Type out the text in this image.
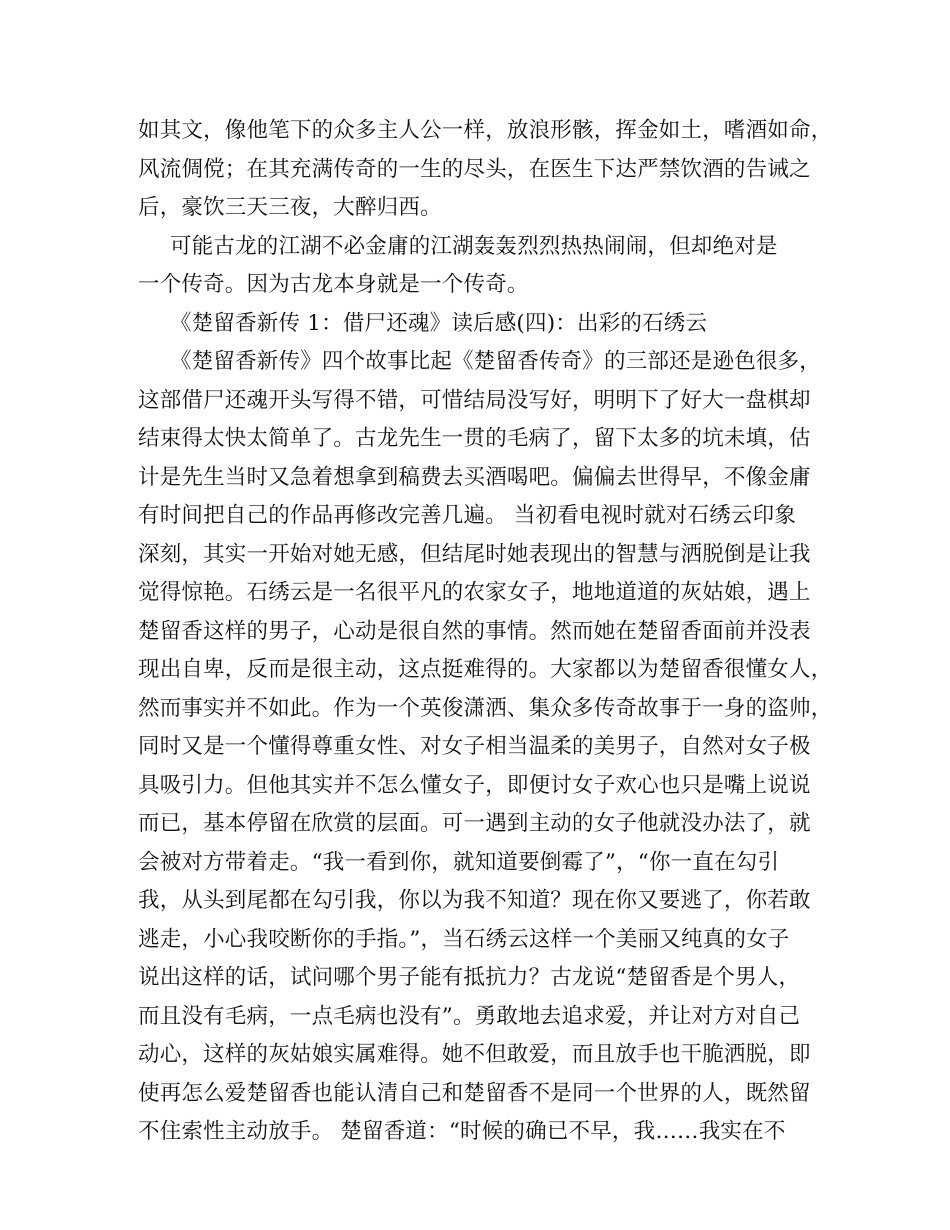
如其文，像他笔下的众多主人公一样，放浪形骸，挥金如土，嗜酒如命，
风流倜傥；在其充满传奇的一生的尽头，在医生下达严禁饮酒的告诫之
后，豪饮三天三夜，大醉归西。
可能古龙的江湖不必金庸的江湖轰轰烈烈热热闹闹，但却绝对是
一个传奇。因为古龙本身就是一个传奇。
《楚留香新传 1：借尸还魂》读后感(四)：出彩的石绣云
《楚留香新传》四个故事比起《楚留香传奇》的三部还是逊色很多，
这部借尸还魂开头写得不错，可惜结局没写好，明明下了好大一盘棋却
结束得太快太简单了。古龙先生一贯的毛病了，留下太多的坑未填，估
计是先生当时又急着想拿到稿费去买酒喝吧。偏偏去世得早，不像金庸
有时间把自己的作品再修改完善几遍。 当初看电视时就对石绣云印象
深刻，其实一开始对她无感，但结尾时她表现出的智慧与洒脱倒是让我
觉得惊艳。石绣云是一名很平凡的农家女子，地地道道的灰姑娘，遇上
楚留香这样的男子，心动是很自然的事情。然而她在楚留香面前并没表
现出自卑，反而是很主动，这点挺难得的。大家都以为楚留香很懂女人，
然而事实并不如此。作为一个英俊潇洒、集众多传奇故事于一身的盗帅，
同时又是一个懂得尊重女性、对女子相当温柔的美男子，自然对女子极
具吸引力。但他其实并不怎么懂女子，即便讨女子欢心也只是嘴上说说
而已，基本停留在欣赏的层面。可一遇到主动的女子他就没办法了，就
会被对方带着走。“我一看到你，就知道要倒霉了”，“你一直在勾引
我，从头到尾都在勾引我，你以为我不知道？现在你又要逃了，你若敢
逃走，小心我咬断你的手指。”，当石绣云这样一个美丽又纯真的女子
说出这样的话，试问哪个男子能有抵抗力？古龙说“楚留香是个男人，
而且没有毛病，一点毛病也没有”。勇敢地去追求爱，并让对方对自己
动心，这样的灰姑娘实属难得。她不但敢爱，而且放手也干脆洒脱，即
使再怎么爱楚留香也能认清自己和楚留香不是同一个世界的人，既然留
不住索性主动放手。 楚留香道：“时候的确已不早，我……我实在不
